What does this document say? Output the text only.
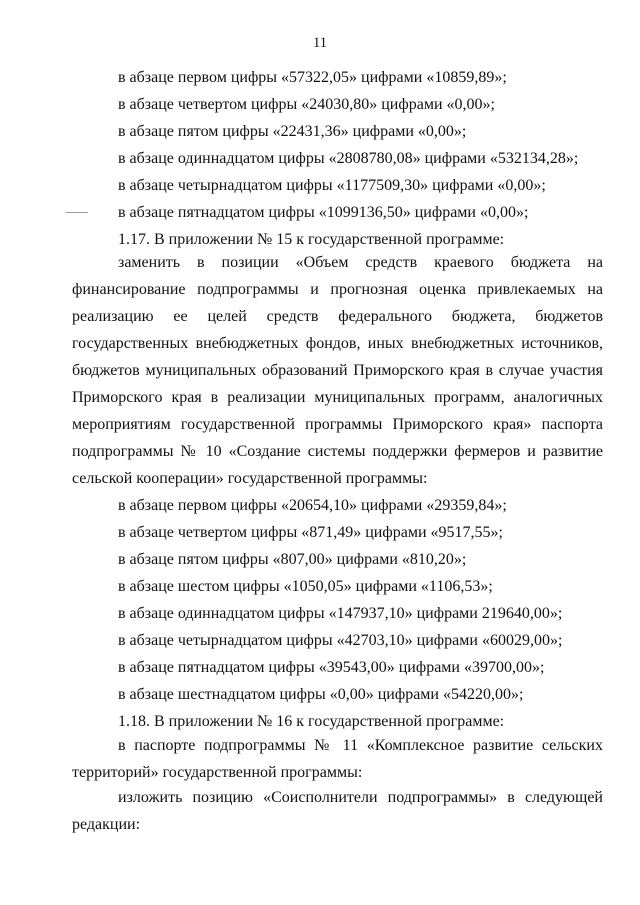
11
в абзаце первом цифры «57322,05» цифрами «10859,89»;
в абзаце четвертом цифры «24030,80» цифрами «0,00»;
в абзаце пятом цифры «22431,36» цифрами «0,00»;
в абзаце одиннадцатом цифры «2808780,08» цифрами «532134,28»;
в абзаце четырнадцатом цифры «1177509,30» цифрами «0,00»;
в абзаце пятнадцатом цифры «1099136,50» цифрами «0,00»;
1.17. В приложении № 15 к государственной программе:
заменить в позиции «Объем средств краевого бюджета на
финансирование подпрограммы и прогнозная оценка привлекаемых на
реализацию ее целей средств федерального бюджета, бюджетов
государственных внебюджетных фондов, иных внебюджетных источников,
бюджетов муниципальных образований Приморского края в случае участия
Приморского края в реализации муниципальных программ, аналогичных
мероприятиям государственной программы Приморского края» паспорта
подпрограммы № 10 «Создание системы поддержки фермеров и развитие
сельской кооперации» государственной программы:
в абзаце первом цифры «20654,10» цифрами «29359,84»;
в абзаце четвертом цифры «871,49» цифрами «9517,55»;
в абзаце пятом цифры «807,00» цифрами «810,20»;
в абзаце шестом цифры «1050,05» цифрами «1106,53»;
в абзаце одиннадцатом цифры «147937,10» цифрами 219640,00»;
в абзаце четырнадцатом цифры «42703,10» цифрами «60029,00»;
в абзаце пятнадцатом цифры «39543,00» цифрами «39700,00»;
в абзаце шестнадцатом цифры «0,00» цифрами «54220,00»;
1.18. В приложении № 16 к государственной программе:
в паспорте подпрограммы № 11 «Комплексное развитие сельских
территорий» государственной программы:
изложить позицию «Соисполнители подпрограммы» в следующей
редакции:
